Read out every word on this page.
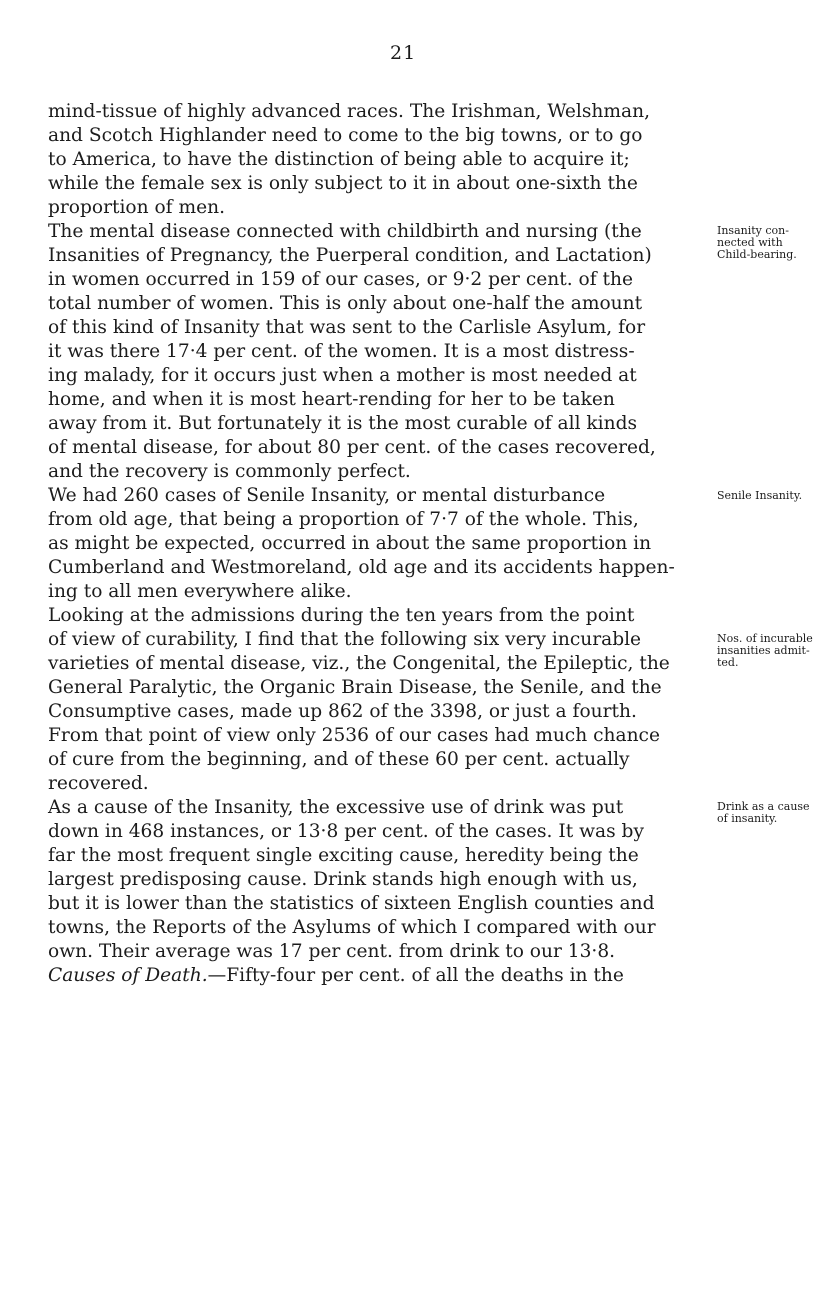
21
mind-tissue of highly advanced races. The Irishman, Welshman,
and Scotch Highlander need to come to the big towns, or to go
to America, to have the distinction of being able to acquire it;
while the female sex is only subject to it in about one-sixth the
proportion of men.
The mental disease connected with childbirth and nursing (the
Insanities of Pregnancy, the Puerperal condition, and Lactation)
in women occurred in 159 of our cases, or 9·2 per cent. of the
total number of women. This is only about one-half the amount
of this kind of Insanity that was sent to the Carlisle Asylum, for
it was there 17·4 per cent. of the women. It is a most distress-
ing malady, for it occurs just when a mother is most needed at
home, and when it is most heart-rending for her to be taken
away from it. But fortunately it is the most curable of all kinds
of mental disease, for about 80 per cent. of the cases recovered,
and the recovery is commonly perfect.
We had 260 cases of Senile Insanity, or mental disturbance
from old age, that being a proportion of 7·7 of the whole. This,
as might be expected, occurred in about the same proportion in
Cumberland and Westmoreland, old age and its accidents happen-
ing to all men everywhere alike.
Looking at the admissions during the ten years from the point
of view of curability, I find that the following six very incurable
varieties of mental disease, viz., the Congenital, the Epileptic, the
General Paralytic, the Organic Brain Disease, the Senile, and the
Consumptive cases, made up 862 of the 3398, or just a fourth.
From that point of view only 2536 of our cases had much chance
of cure from the beginning, and of these 60 per cent. actually
recovered.
As a cause of the Insanity, the excessive use of drink was put
down in 468 instances, or 13·8 per cent. of the cases. It was by
far the most frequent single exciting cause, heredity being the
largest predisposing cause. Drink stands high enough with us,
but it is lower than the statistics of sixteen English counties and
towns, the Reports of the Asylums of which I compared with our
own. Their average was 17 per cent. from drink to our 13·8.
Causes of Death.—Fifty-four per cent. of all the deaths in the
Insanity con-
nected with
Child-bearing.
Senile Insanity.
Nos. of incurable
insanities admit-
ted.
Drink as a cause
of insanity.
